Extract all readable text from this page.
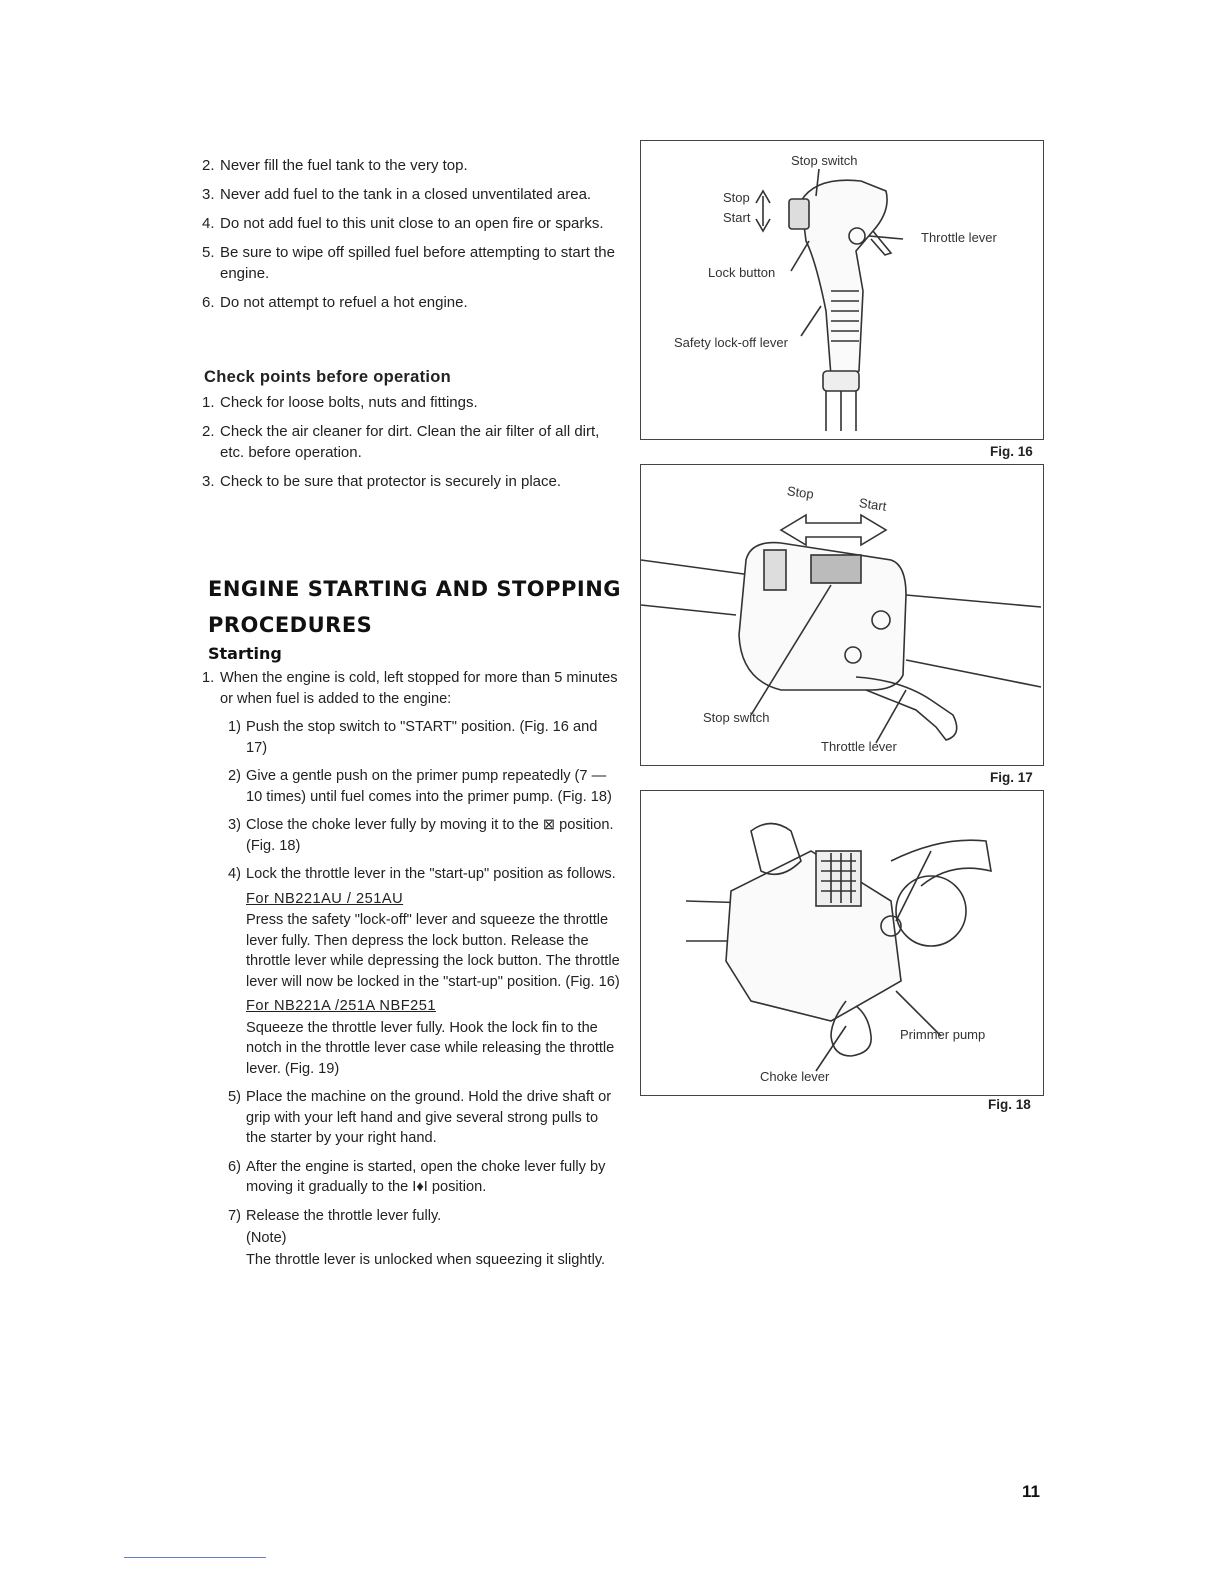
2. Never fill the fuel tank to the very top.
3. Never add fuel to the tank in a closed unventilated area.
4. Do not add fuel to this unit close to an open fire or sparks.
5. Be sure to wipe off spilled fuel before attempting to start the engine.
6. Do not attempt to refuel a hot engine.
Check points before operation
1. Check for loose bolts, nuts and fittings.
2. Check the air cleaner for dirt. Clean the air filter of all dirt, etc. before operation.
3. Check to be sure that protector is securely in place.
ENGINE STARTING AND STOPPING
PROCEDURES
Starting
1. When the engine is cold, left stopped for more than 5 minutes or when fuel is added to the engine:
1) Push the stop switch to "START" position. (Fig. 16 and 17)
2) Give a gentle push on the primer pump repeatedly (7 — 10 times) until fuel comes into the primer pump. (Fig. 18)
3) Close the choke lever fully by moving it to the ⊠ position. (Fig. 18)
4) Lock the throttle lever in the "start-up" position as follows.
For NB221AU / 251AU
Press the safety "lock-off" lever and squeeze the throttle lever fully. Then depress the lock button. Release the throttle lever while depressing the lock button. The throttle lever will now be locked in the "start-up" position. (Fig. 16)
For NB221A /251A NBF251
Squeeze the throttle lever fully. Hook the lock fin to the notch in the throttle lever case while releasing the throttle lever. (Fig. 19)
5) Place the machine on the ground. Hold the drive shaft or grip with your left hand and give several strong pulls to the starter by your right hand.
6) After the engine is started, open the choke lever fully by moving it gradually to the I♦I position.
7) Release the throttle lever fully.
(Note)
The throttle lever is unlocked when squeezing it slightly.
Stop switch
Stop
Start
Throttle lever
Lock button
Safety lock-off lever
Fig. 16
Stop
Start
Stop switch
Throttle lever
Fig. 17
Primmer pump
Choke lever
Fig. 18
11
